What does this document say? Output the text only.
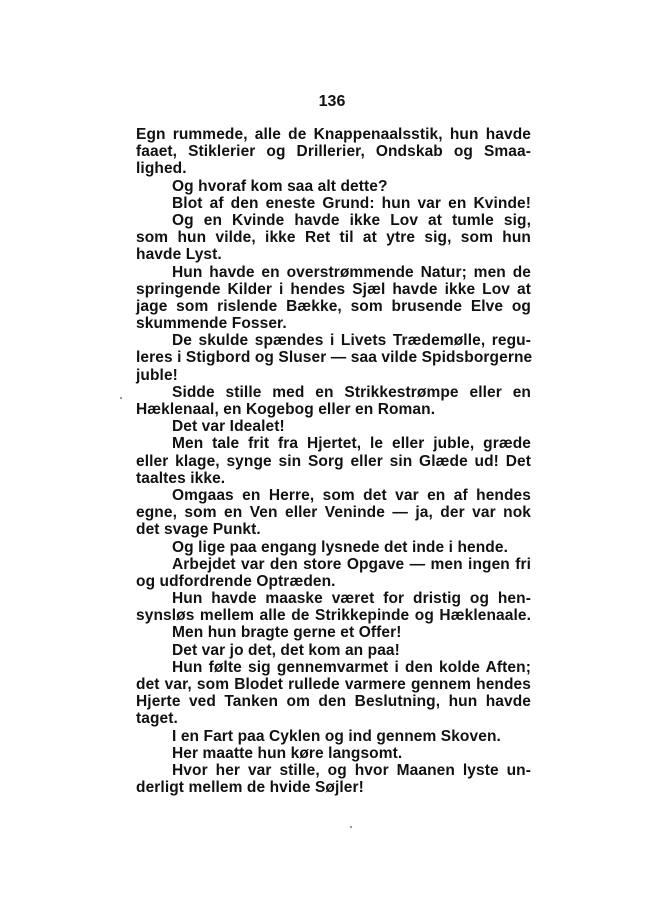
136
Egn rummede, alle de Knappenaalsstik, hun havde
faaet, Stiklerier og Drillerier, Ondskab og Smaa-
lighed.
Og hvoraf kom saa alt dette?
Blot af den eneste Grund: hun var en Kvinde!
Og en Kvinde havde ikke Lov at tumle sig,
som hun vilde, ikke Ret til at ytre sig, som hun
havde Lyst.
Hun havde en overstrømmende Natur; men de
springende Kilder i hendes Sjæl havde ikke Lov at
jage som rislende Bække, som brusende Elve og
skummende Fosser.
De skulde spændes i Livets Trædemølle, regu-
leres i Stigbord og Sluser — saa vilde Spidsborgerne
juble!
Sidde stille med en Strikkestrømpe eller en
Hæklenaal, en Kogebog eller en Roman.
Det var Idealet!
Men tale frit fra Hjertet, le eller juble, græde
eller klage, synge sin Sorg eller sin Glæde ud! Det
taaltes ikke.
Omgaas en Herre, som det var en af hendes
egne, som en Ven eller Veninde — ja, der var nok
det svage Punkt.
Og lige paa engang lysnede det inde i hende.
Arbejdet var den store Opgave — men ingen fri
og udfordrende Optræden.
Hun havde maaske været for dristig og hen-
synsløs mellem alle de Strikkepinde og Hæklenaale.
Men hun bragte gerne et Offer!
Det var jo det, det kom an paa!
Hun følte sig gennemvarmet i den kolde Aften;
det var, som Blodet rullede varmere gennem hendes
Hjerte ved Tanken om den Beslutning, hun havde
taget.
I en Fart paa Cyklen og ind gennem Skoven.
Her maatte hun køre langsomt.
Hvor her var stille, og hvor Maanen lyste un-
derligt mellem de hvide Søjler!
